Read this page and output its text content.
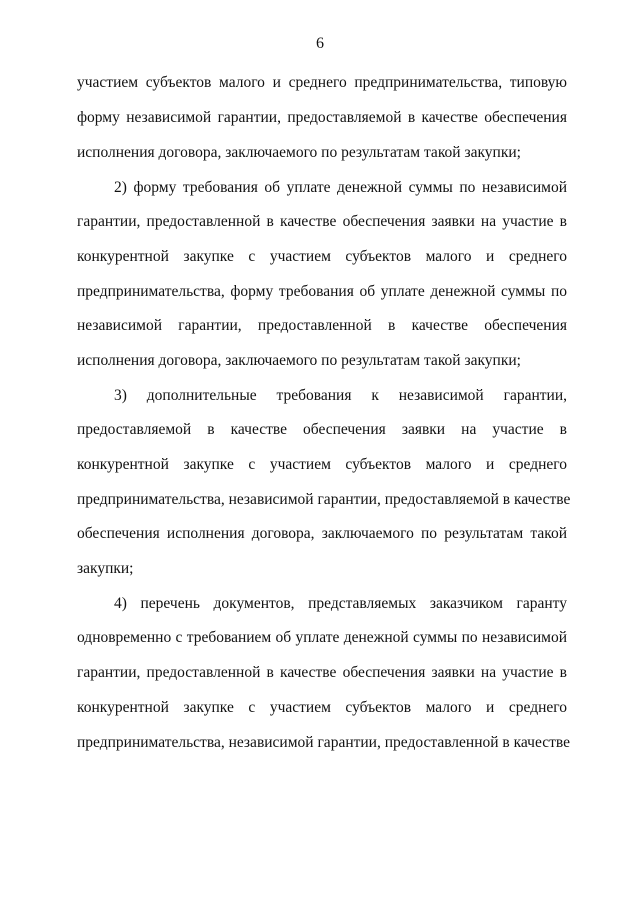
6
участием субъектов малого и среднего предпринимательства, типовую
форму независимой гарантии, предоставляемой в качестве обеспечения
исполнения договора, заключаемого по результатам такой закупки;
2) форму требования об уплате денежной суммы по независимой
гарантии, предоставленной в качестве обеспечения заявки на участие в
конкурентной закупке с участием субъектов малого и среднего
предпринимательства, форму требования об уплате денежной суммы по
независимой гарантии, предоставленной в качестве обеспечения
исполнения договора, заключаемого по результатам такой закупки;
3) дополнительные требования к независимой гарантии,
предоставляемой в качестве обеспечения заявки на участие в
конкурентной закупке с участием субъектов малого и среднего
предпринимательства, независимой гарантии, предоставляемой в качестве
обеспечения исполнения договора, заключаемого по результатам такой
закупки;
4) перечень документов, представляемых заказчиком гаранту
одновременно с требованием об уплате денежной суммы по независимой
гарантии, предоставленной в качестве обеспечения заявки на участие в
конкурентной закупке с участием субъектов малого и среднего
предпринимательства, независимой гарантии, предоставленной в качестве
